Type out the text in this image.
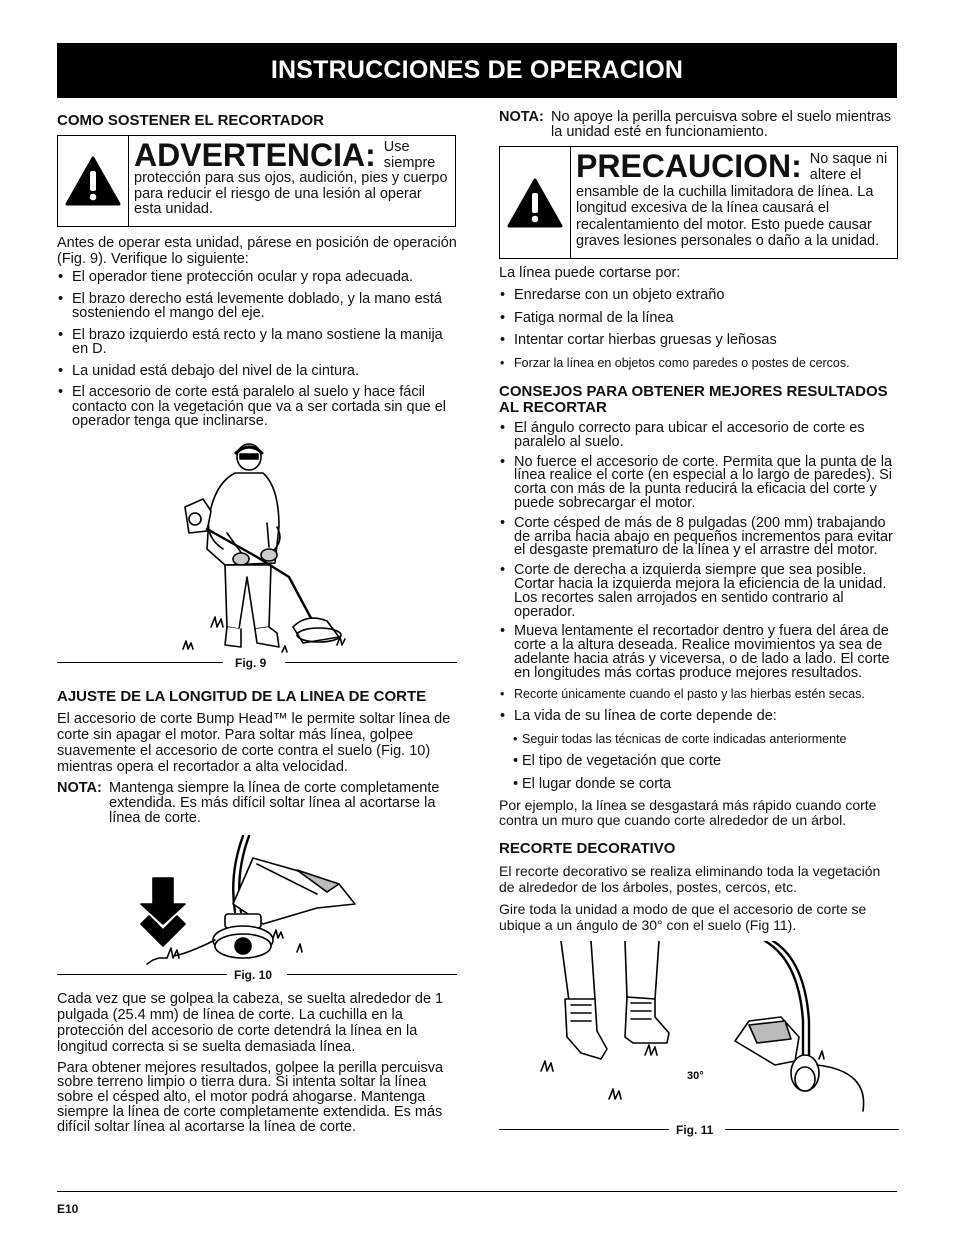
INSTRUCCIONES DE OPERACION
COMO SOSTENER EL RECORTADOR
ADVERTENCIA: Use siempre protección para sus ojos, audición, pies y cuerpo para reducir el riesgo de una lesión al operar esta unidad.

Antes de operar esta unidad, párese en posición de operación (Fig. 9). Verifique lo siguiente:

• El operador tiene protección ocular y ropa adecuada.
• El brazo derecho está levemente doblado, y la mano está sosteniendo el mango del eje.
• El brazo izquierdo está recto y la mano sostiene la manija en D.
• La unidad está debajo del nivel de la cintura.
• El accesorio de corte está paralelo al suelo y hace fácil contacto con la vegetación que va a ser cortada sin que el operador tenga que inclinarse.
Fig. 9
AJUSTE DE LA LONGITUD DE LA LINEA DE CORTE

El accesorio de corte Bump Head™ le permite soltar línea de corte sin apagar el motor. Para soltar más línea, golpee suavemente el accesorio de corte contra el suelo (Fig. 10) mientras opera el recortador a alta velocidad.

NOTA: Mantenga siempre la línea de corte completamente extendida. Es más difícil soltar línea al acortarse la línea de corte.
Fig. 10

Cada vez que se golpea la cabeza, se suelta alrededor de 1 pulgada (25.4 mm) de línea de corte. La cuchilla en la protección del accesorio de corte detendrá la línea en la longitud correcta si se suelta demasiada línea.

Para obtener mejores resultados, golpee la perilla percuisva sobre terreno limpio o tierra dura. Si intenta soltar la línea sobre el césped alto, el motor podrá ahogarse. Mantenga siempre la línea de corte completamente extendida. Es más difícil soltar línea al acortarse la línea de corte.

NOTA: No apoye la perilla percuisva sobre el suelo mientras la unidad esté en funcionamiento.
PRECAUCION: No saque ni altere el ensamble de la cuchilla limitadora de línea. La longitud excesiva de la línea causará el recalentamiento del motor. Esto puede causar graves lesiones personales o daño a la unidad.

La línea puede cortarse por:

• Enredarse con un objeto extraño
• Fatiga normal de la línea
• Intentar cortar hierbas gruesas y leñosas
• Forzar la línea en objetos como paredes o postes de cercos.
CONSEJOS PARA OBTENER MEJORES RESULTADOS AL RECORTAR
• El ángulo correcto para ubicar el accesorio de corte es paralelo al suelo.
• No fuerce el accesorio de corte. Permita que la punta de la línea realice el corte (en especial a lo largo de paredes). Si corta con más de la punta reducirá la eficacia del corte y puede sobrecargar el motor.
• Corte césped de más de 8 pulgadas (200 mm) trabajando de arriba hacia abajo en pequeños incrementos para evitar el desgaste prematuro de la línea y el arrastre del motor.
• Corte de derecha a izquierda siempre que sea posible. Cortar hacia la izquierda mejora la eficiencia de la unidad. Los recortes salen arrojados en sentido contrario al operador.
• Mueva lentamente el recortador dentro y fuera del área de corte a la altura deseada. Realice movimientos ya sea de adelante hacia atrás y viceversa, o de lado a lado. El corte en longitudes más cortas produce mejores resultados.
• Recorte únicamente cuando el pasto y las hierbas estén secas.
• La vida de su línea de corte depende de:
• Seguir todas las técnicas de corte indicadas anteriormente
• El tipo de vegetación que corte
• El lugar donde se corta

Por ejemplo, la línea se desgastará más rápido cuando corte contra un muro que cuando corte alrededor de un árbol.

RECORTE DECORATIVO

El recorte decorativo se realiza eliminando toda la vegetación de alrededor de los árboles, postes, cercos, etc.

Gire toda la unidad a modo de que el accesorio de corte se ubique a un ángulo de 30° con el suelo (Fig 11).

30°
Fig. 11
E10
